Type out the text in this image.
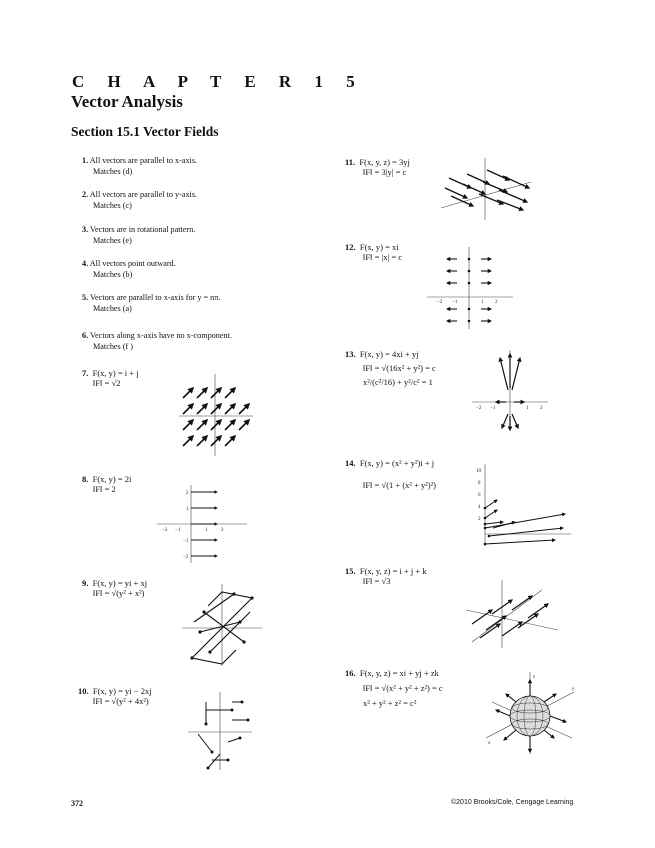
C H A P T E R 1 5
Vector Analysis
Section 15.1 Vector Fields
1. All vectors are parallel to x-axis.
Matches (d)
2. All vectors are parallel to y-axis.
Matches (c)
3. Vectors are in rotational pattern.
Matches (e)
4. All vectors point outward.
Matches (b)
5. Vectors are parallel to x-axis for y = nπ.
Matches (a)
6. Vectors along x-axis have no x-component.
Matches (f )
7. F(x, y) = i + j
‖F‖ = √2
8. F(x, y) = 2i
‖F‖ = 2
−2 −1	1	2
2
1
−1
−2
9. F(x, y) = yi + xj
‖F‖ = √(y² + x²)
10. F(x, y) = yi − 2xj
‖F‖ = √(y² + 4x²)
11. F(x, y, z) = 3yj
‖F‖ = 3|y| = c
12. F(x, y) = xi
‖F‖ = |x| = c
−2 −1	1 2
13. F(x, y) = 4xi + yj
‖F‖ = √(16x² + y²) = c
x²/(c²/16) + y²/c² = 1
−2 −1	1 2
14. F(x, y) = (x² + y²)i + j
‖F‖ = √(1 + (x² + y²)²)
10
8
6
4
2
15. F(x, y, z) = i + j + k
‖F‖ = √3
16. F(x, y, z) = xi + yj + zk
‖F‖ = √(x² + y² + z²) = c
x² + y² + z² = c²
z
y
x
372	©2010 Brooks/Cole, Cengage Learning
